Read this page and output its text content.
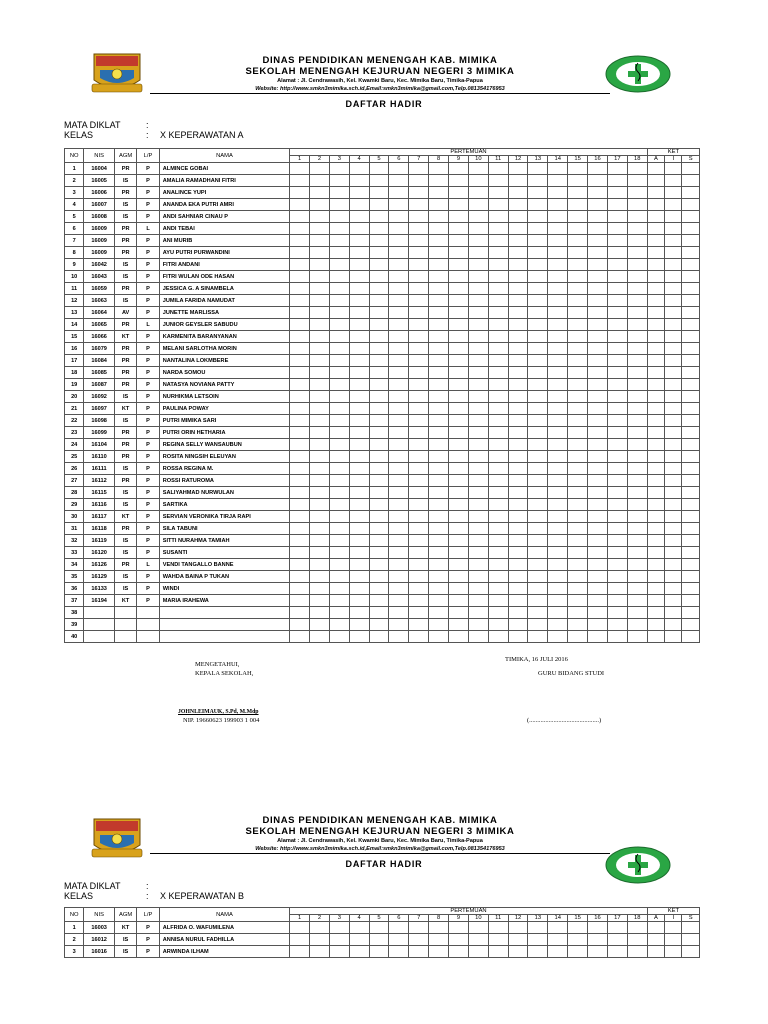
DINAS PENDIDIKAN MENENGAH KAB. MIMIKA
SEKOLAH MENENGAH KEJURUAN NEGERI 3 MIMIKA
Alamat : Jl. Cendrawasih, Kel. Kwamki Baru, Kec. Mimika Baru, Timika-Papua
Website: http://www.smkn3mimika.sch.id,Email:smkn3mimika@gmail.com,Telp.081354176953
DAFTAR HADIR
MATA DIKLAT	:
KELAS	:	X KEPERAWATAN A
NO	NIS	AGM	L/P	NAMA	PERTEMUAN																		KET		
					1	2	3	4	5	6	7	8	9	10	11	12	13	14	15	16	17	18	A	I	S
1	16004	PR	P	ALMINCE GOBAI																					
2	16005	IS	P	AMALIA RAMADHANI FITRI																					
3	16006	PR	P	ANALINCE YUPI																					
4	16007	IS	P	ANANDA EKA PUTRI AMRI																					
5	16008	IS	P	ANDI SAHNIAR CINAU P																					
6	16009	PR	L	ANDI TEBAI																					
7	16009	PR	P	ANI MURIB																					
8	16009	PR	P	AYU PUTRI PURWANDINI																					
9	16042	IS	P	FITRI ANDANI																					
10	16043	IS	P	FITRI WULAN ODE HASAN																					
11	16059	PR	P	JESSICA G. A SINAMBELA																					
12	16063	IS	P	JUMILA FARIDA NAMUDAT																					
13	16064	AV	P	JUNETTE MARLISSA																					
14	16065	PR	L	JUNIOR GEYSLER SABUDU																					
15	16066	KT	P	KARMENITA BARANYANAN																					
16	16079	PR	P	MELANI SARLOTHA MORIN																					
17	16084	PR	P	NANTALINA LOKMBERE																					
18	16085	PR	P	NARDA SOMOU																					
19	16087	PR	P	NATASYA NOVIANA PATTY																					
20	16092	IS	P	NURHIKMA LETSOIN																					
21	16097	KT	P	PAULINA POWAY																					
22	16098	IS	P	PUTRI MIMIKA SARI																					
23	16099	PR	P	PUTRI ORIN HETHARIA																					
24	16104	PR	P	REGINA SELLY WANSAUBUN																					
25	16110	PR	P	ROSITA NINGSIH ELEUYAN																					
26	16111	IS	P	ROSSA REGINA M.																					
27	16112	PR	P	ROSSI RATUROMA																					
28	16115	IS	P	SALIYAHMAD NURWULAN																					
29	16116	IS	P	SARTIKA																					
30	16117	KT	P	SERVIAN VERONIKA TIRJA RAPI																					
31	16118	PR	P	SILA TABUNI																					
32	16119	IS	P	SITTI NURAHMA TAMIAH																					
33	16120	IS	P	SUSANTI																					
34	16126	PR	L	VENDI TANGALLO BANNE																					
35	16129	IS	P	WAHDA BAINA P TUKAN																					
36	16133	IS	P	WINDI																					
37	16194	KT	P	MARIA IRAHEWA																					
38																									
39																									
40																									
MENGETAHUI,
KEPALA SEKOLAH,
TIMIKA, 16 JULI 2016
GURU BIDANG STUDI
JOHNLEIMAUK, S.Pd, M.Mdp
NIP. 19660623 199903 1 004	(...........................................)
DINAS PENDIDIKAN MENENGAH KAB. MIMIKA
SEKOLAH MENENGAH KEJURUAN NEGERI 3 MIMIKA
Alamat : Jl. Cendrawasih, Kel. Kwamki Baru, Kec. Mimika Baru, Timika-Papua
Website: http://www.smkn3mimika.sch.id,Email:smkn3mimika@gmail.com,Telp.081354176953
DAFTAR HADIR
MATA DIKLAT	:
KELAS	:	X KEPERAWATAN B
NO	NIS	AGM	L/P	NAMA	PERTEMUAN																		KET		
					1	2	3	4	5	6	7	8	9	10	11	12	13	14	15	16	17	18	A	I	S
1	16003	KT	P	ALFRIDA O. WAFUMILENA																					
2	16012	IS	P	ANNISA NURUL FADHILLA																					
3	16016	IS	P	ARWINDA ILHAM																					
